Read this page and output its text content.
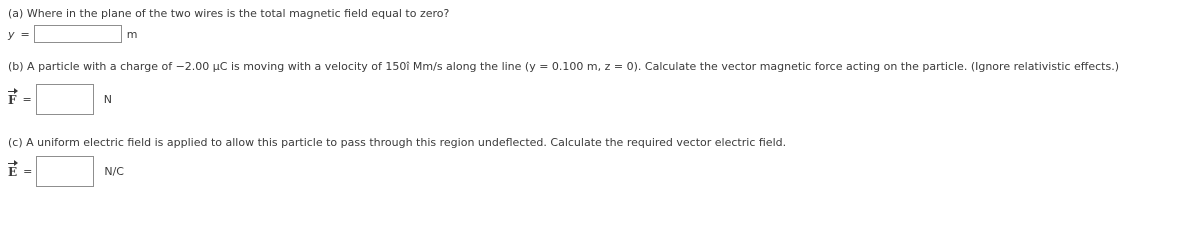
(a) Where in the plane of the two wires is the total magnetic field equal to zero?
y =	m
(b) A particle with a charge of −2.00 μC is moving with a velocity of 150î Mm/s along the line (y = 0.100 m, z = 0). Calculate the vector magnetic force acting on the particle. (Ignore relativistic effects.)
F =	N
(c) A uniform electric field is applied to allow this particle to pass through this region undeflected. Calculate the required vector electric field.
E =	N/C
